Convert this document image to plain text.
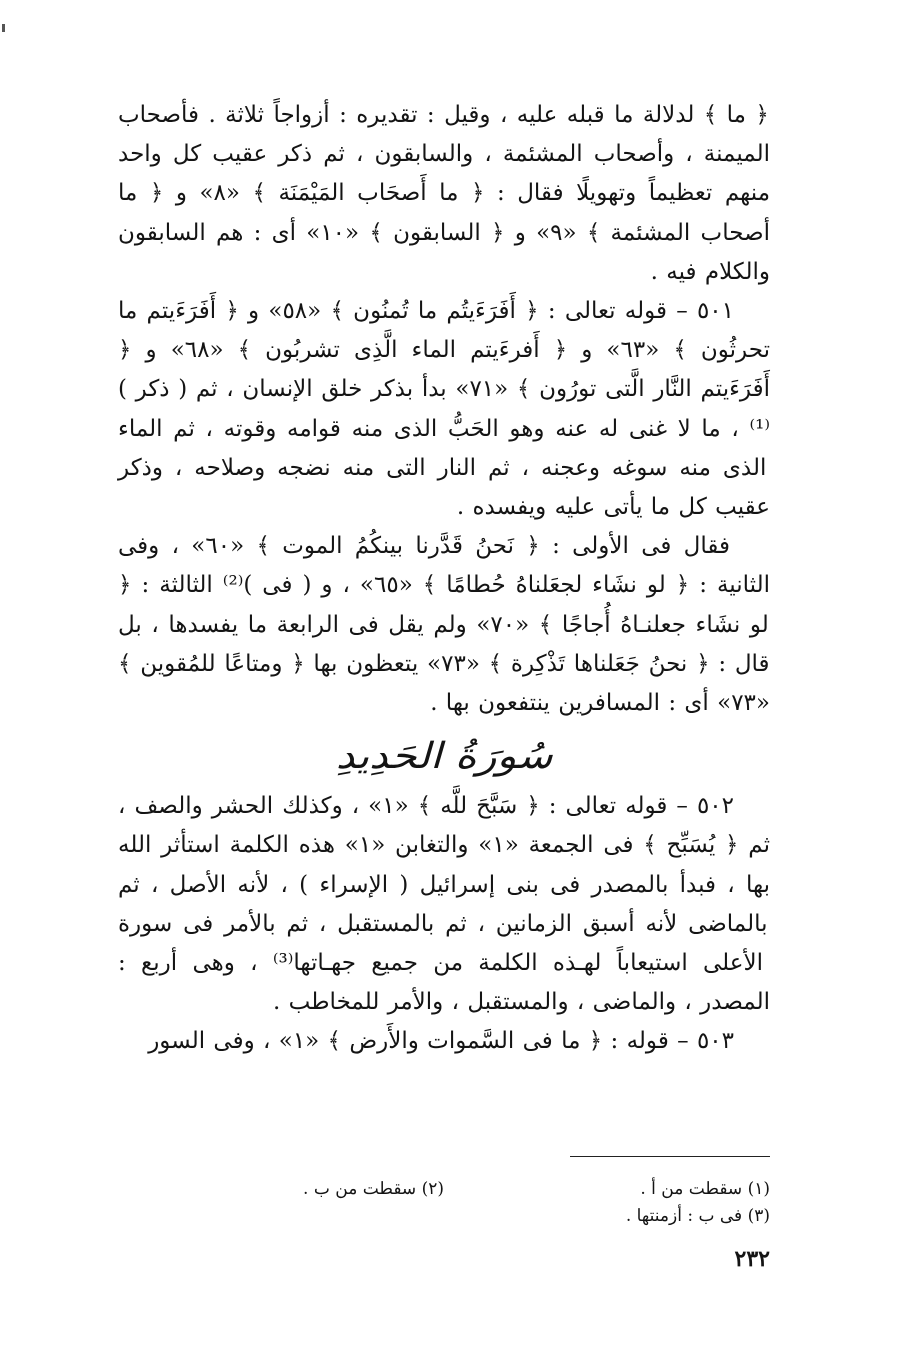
﴿ ما ﴾ لدلالة ما قبله عليه ، وقيل : تقديره : أزواجاً ثلاثة . فأصحاب الميمنة ، وأصحاب المشئمة ، والسابقون ، ثم ذكر عقيب كل واحد منهم تعظيماً وتهويلًا فقال : ﴿ ما أَصحَاب المَيْمَنَة ﴾ «٨» و ﴿ ما أصحاب المشئمة ﴾ «٩» و ﴿ السابقون ﴾ «١٠» أى : هم السابقون والكلام فيه .

٥٠١ – قوله تعالى : ﴿ أَفَرَءَيتُم ما تُمنُون ﴾ «٥٨» و ﴿ أَفَرَءَيتم ما تحرثُون ﴾ «٦٣» و ﴿ أَفرءَيتم الماء الَّذِى تشربُون ﴾ «٦٨» و ﴿ أَفَرَءَيتم النَّار الَّتى تورُون ﴾ «٧١» بدأ بذكر خلق الإنسان ، ثم ( ذكر )⁽¹⁾ ، ما لا غنى له عنه وهو الحَبُّ الذى منه قوامه وقوته ، ثم الماء الذى منه سوغه وعجنه ، ثم النار التى منه نضجه وصلاحه ، وذكر عقيب كل ما يأتى عليه ويفسده .

فقال فى الأولى : ﴿ نَحنُ قَدَّرنا بينكُمُ الموت ﴾ «٦٠» ، وفى الثانية : ﴿ لو نشَاء لجعَلناهُ حُطامًا ﴾ «٦٥» ، و ( فى )⁽²⁾ الثالثة : ﴿ لو نشَاء جعلنـاهُ أُجاجًا ﴾ «٧٠» ولم يقل فى الرابعة ما يفسدها ، بل قال : ﴿ نحنُ جَعَلناها تَذْكِرة ﴾ «٧٣» يتعظون بها ﴿ ومتاعًا للمُقوين ﴾ «٧٣» أى : المسافرين ينتفعون بها .

سُورَةُ الحَدِيدِ

٥٠٢ – قوله تعالى : ﴿ سَبَّحَ للَّه ﴾ «١» ، وكذلك الحشر والصف ، ثم ﴿ يُسَبِّح ﴾ فى الجمعة «١» والتغابن «١» هذه الكلمة استأثر الله بها ، فبدأ بالمصدر فى بنى إسرائيل ( الإسراء ) ، لأنه الأصل ، ثم بالماضى لأنه أسبق الزمانين ، ثم بالمستقبل ، ثم بالأمر فى سورة الأعلى استيعاباً لهـذه الكلمة من جميع جهـاتها⁽³⁾ ، وهى أربع : المصدر ، والماضى ، والمستقبل ، والأمر للمخاطب .

٥٠٣ – قوله : ﴿ ما فى السَّموات والأَرض ﴾ «١» ، وفى السور

(١) سقطت من أ .
(٢) سقطت من ب .
(٣) فى ب : أزمنتها .
٢٣٢
